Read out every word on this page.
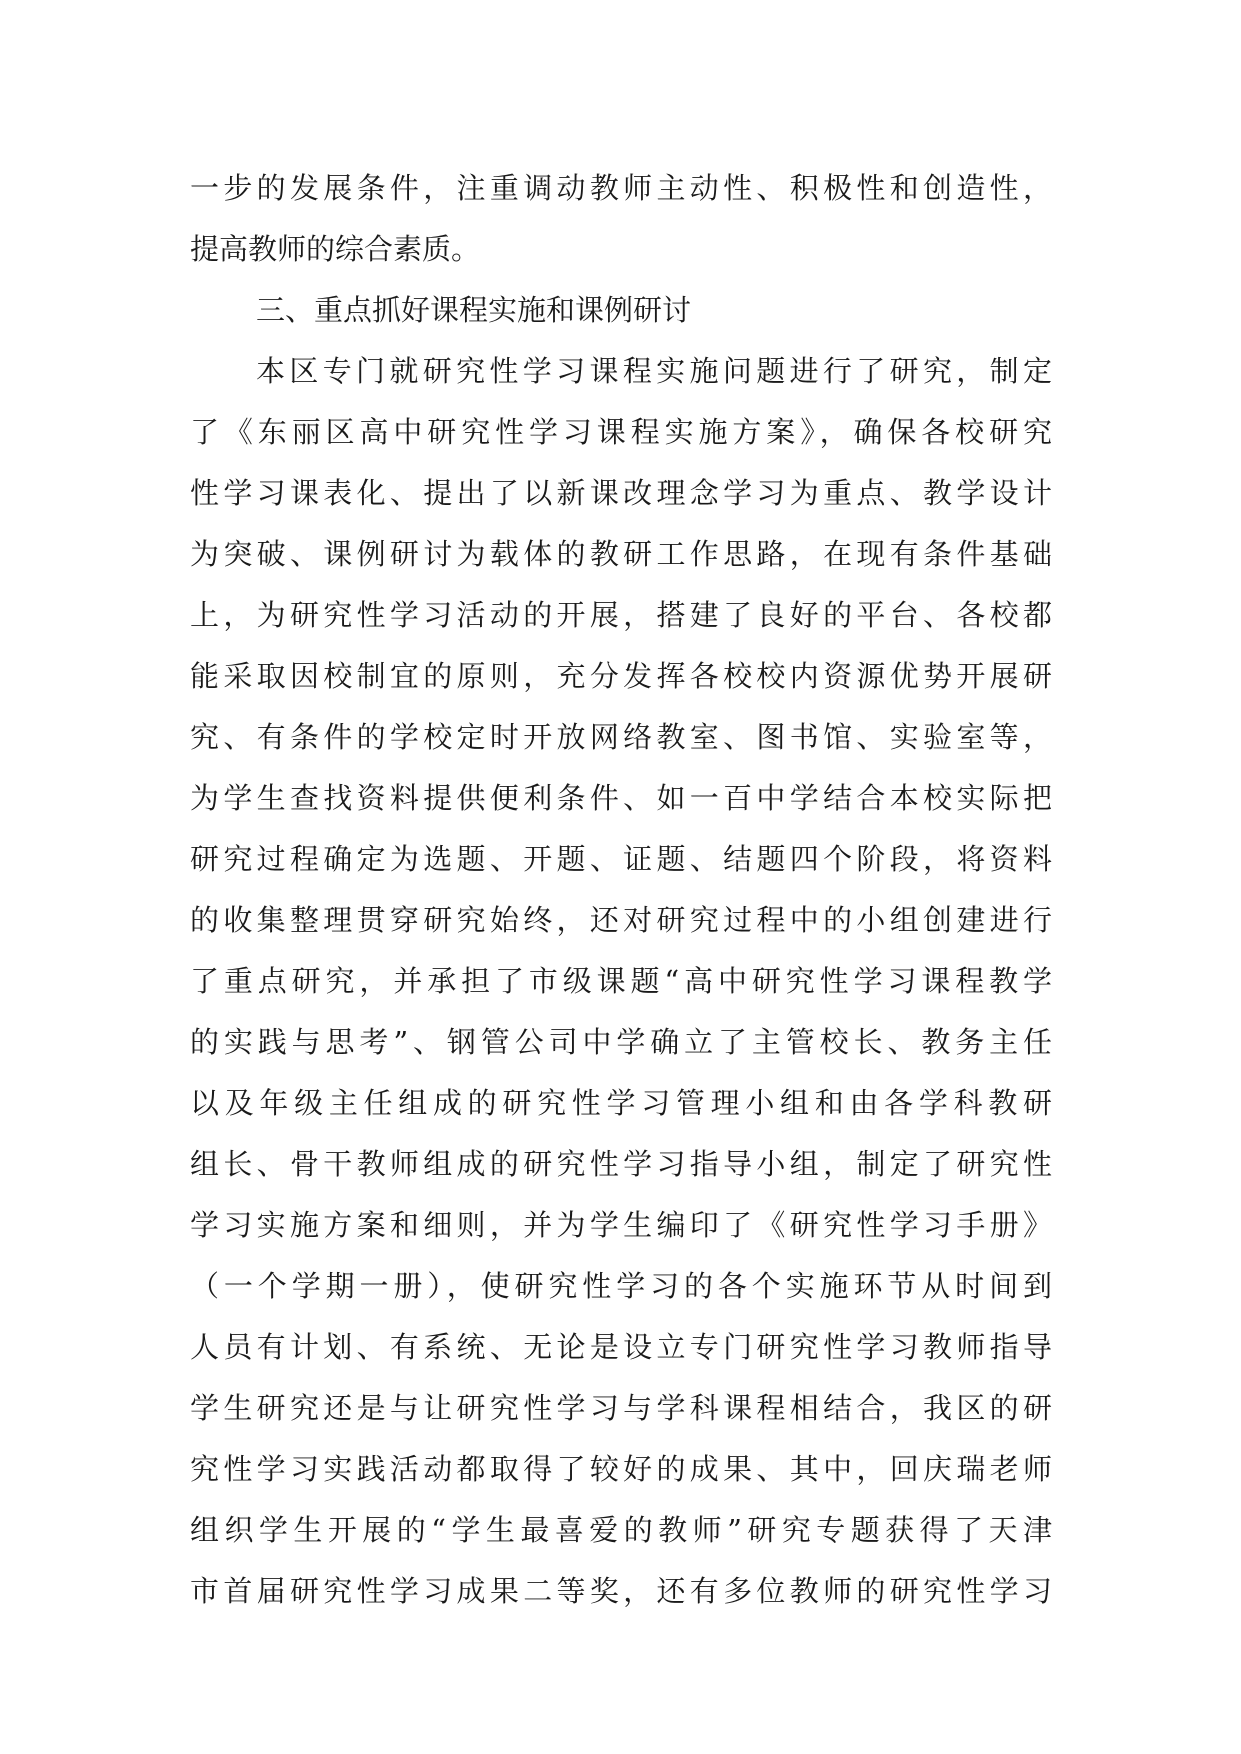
一步的发展条件，注重调动教师主动性、积极性和创造性，
提高教师的综合素质。
三、重点抓好课程实施和课例研讨
本区专门就研究性学习课程实施问题进行了研究，制定
了《东丽区高中研究性学习课程实施方案》，确保各校研究
性学习课表化、提出了以新课改理念学习为重点、教学设计
为突破、课例研讨为载体的教研工作思路，在现有条件基础
上，为研究性学习活动的开展，搭建了良好的平台、各校都
能采取因校制宜的原则，充分发挥各校校内资源优势开展研
究、有条件的学校定时开放网络教室、图书馆、实验室等，
为学生查找资料提供便利条件、如一百中学结合本校实际把
研究过程确定为选题、开题、证题、结题四个阶段，将资料
的收集整理贯穿研究始终，还对研究过程中的小组创建进行
了重点研究，并承担了市级课题“高中研究性学习课程教学
的实践与思考”、钢管公司中学确立了主管校长、教务主任
以及年级主任组成的研究性学习管理小组和由各学科教研
组长、骨干教师组成的研究性学习指导小组，制定了研究性
学习实施方案和细则，并为学生编印了《研究性学习手册》
（一个学期一册），使研究性学习的各个实施环节从时间到
人员有计划、有系统、无论是设立专门研究性学习教师指导
学生研究还是与让研究性学习与学科课程相结合，我区的研
究性学习实践活动都取得了较好的成果、其中，回庆瑞老师
组织学生开展的“学生最喜爱的教师”研究专题获得了天津
市首届研究性学习成果二等奖，还有多位教师的研究性学习
